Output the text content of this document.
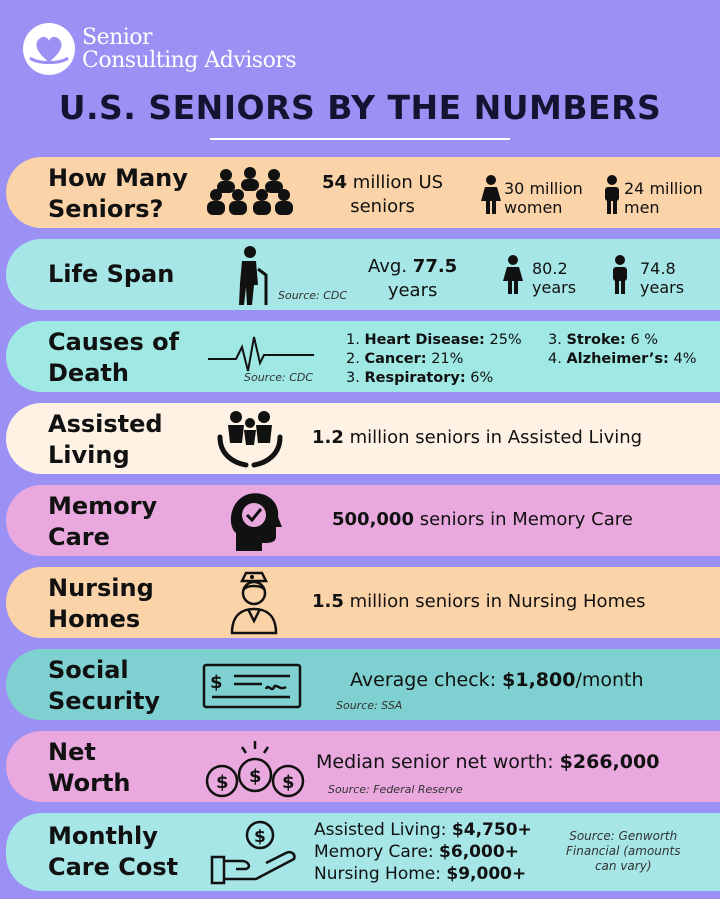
Senior
Consulting Advisors
U.S. SENIORS BY THE NUMBERS
How Many
Seniors?
54 million US
seniors
30 million
women
24 million
men
Life Span
Source: CDC
Avg. 77.5
years
80.2
years
74.8
years
Causes of
Death	Source: CDC
1. Heart Disease: 25%
2. Cancer: 21%
3. Respiratory: 6%
3. Stroke: 6 %
4. Alzheimer’s: 4%
Assisted
Living
1.2 million seniors in Assisted Living
Memory
Care
500,000 seniors in Memory Care
Nursing
Homes
1.5 million seniors in Nursing Homes
Social
Security
$	Average check: $1,800/month
Source: SSA
Net
Worth	$ $ $
Median senior net worth: $266,000
Source: Federal Reserve
Monthly
Care Cost
$	Assisted Living: $4,750+
Memory Care: $6,000+
Nursing Home: $9,000+
Source: Genworth
Financial (amounts
can vary)
